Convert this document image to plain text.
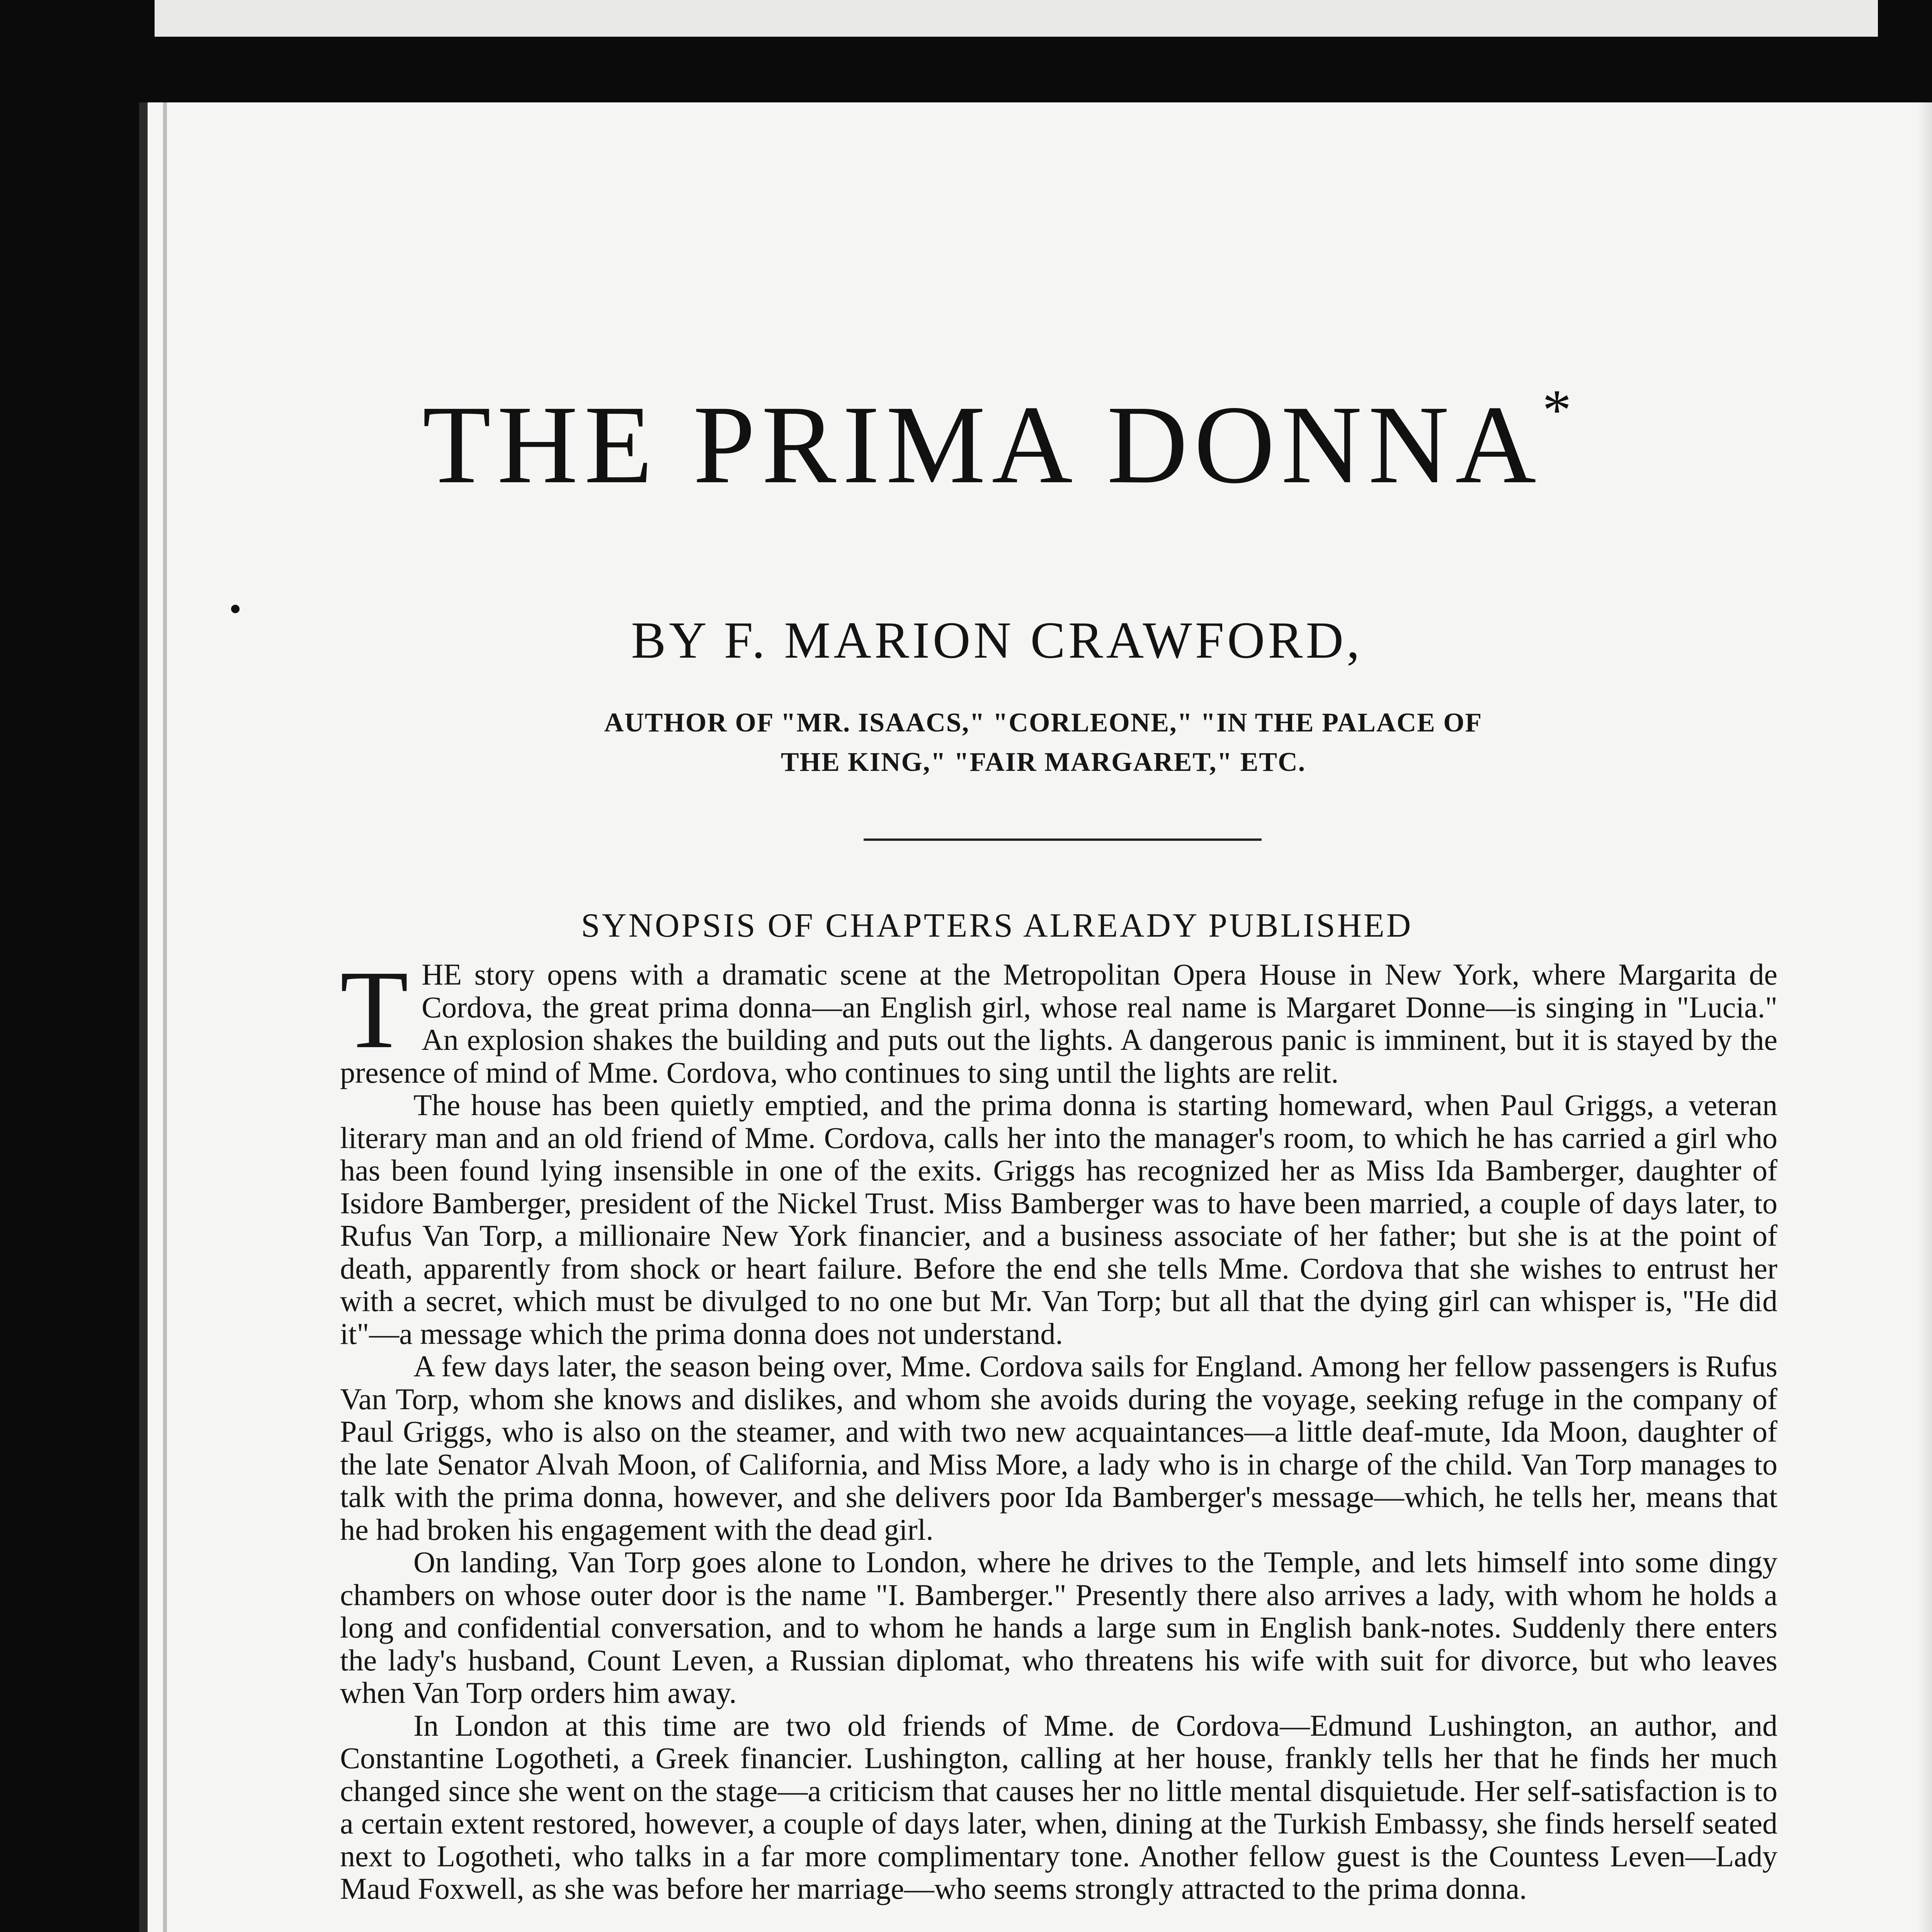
THE PRIMA DONNA*
BY F. MARION CRAWFORD,
AUTHOR OF "MR. ISAACS," "CORLEONE," "IN THE PALACE OF
THE KING," "FAIR MARGARET," ETC.
SYNOPSIS OF CHAPTERS ALREADY PUBLISHED

THE story opens with a dramatic scene at the Metropolitan Opera House in New York, where Margarita de Cordova, the great prima donna—an English girl, whose real name is Margaret Donne—is singing in "Lucia." An explosion shakes the building and puts out the lights. A dangerous panic is imminent, but it is stayed by the presence of mind of Mme. Cordova, who continues to sing until the lights are relit.

The house has been quietly emptied, and the prima donna is starting homeward, when Paul Griggs, a veteran literary man and an old friend of Mme. Cordova, calls her into the manager's room, to which he has carried a girl who has been found lying insensible in one of the exits. Griggs has recognized her as Miss Ida Bamberger, daughter of Isidore Bamberger, president of the Nickel Trust. Miss Bamberger was to have been married, a couple of days later, to Rufus Van Torp, a millionaire New York financier, and a business associate of her father; but she is at the point of death, apparently from shock or heart failure. Before the end she tells Mme. Cordova that she wishes to entrust her with a secret, which must be divulged to no one but Mr. Van Torp; but all that the dying girl can whisper is, "He did it"—a message which the prima donna does not understand.

A few days later, the season being over, Mme. Cordova sails for England. Among her fellow passengers is Rufus Van Torp, whom she knows and dislikes, and whom she avoids during the voyage, seeking refuge in the company of Paul Griggs, who is also on the steamer, and with two new acquaintances—a little deaf-mute, Ida Moon, daughter of the late Senator Alvah Moon, of California, and Miss More, a lady who is in charge of the child. Van Torp manages to talk with the prima donna, however, and she delivers poor Ida Bamberger's message—which, he tells her, means that he had broken his engagement with the dead girl.

On landing, Van Torp goes alone to London, where he drives to the Temple, and lets himself into some dingy chambers on whose outer door is the name "I. Bamberger." Presently there also arrives a lady, with whom he holds a long and confidential conversation, and to whom he hands a large sum in English bank-notes. Suddenly there enters the lady's husband, Count Leven, a Russian diplomat, who threatens his wife with suit for divorce, but who leaves when Van Torp orders him away.

In London at this time are two old friends of Mme. de Cordova—Edmund Lushington, an author, and Constantine Logotheti, a Greek financier. Lushington, calling at her house, frankly tells her that he finds her much changed since she went on the stage—a criticism that causes her no little mental disquietude. Her self-satisfaction is to a certain extent restored, however, a couple of days later, when, dining at the Turkish Embassy, she finds herself seated next to Logotheti, who talks in a far more complimentary tone. Another fellow guest is the Countess Leven—Lady Maud Foxwell, as she was before her marriage—who seems strongly attracted to the prima donna.
